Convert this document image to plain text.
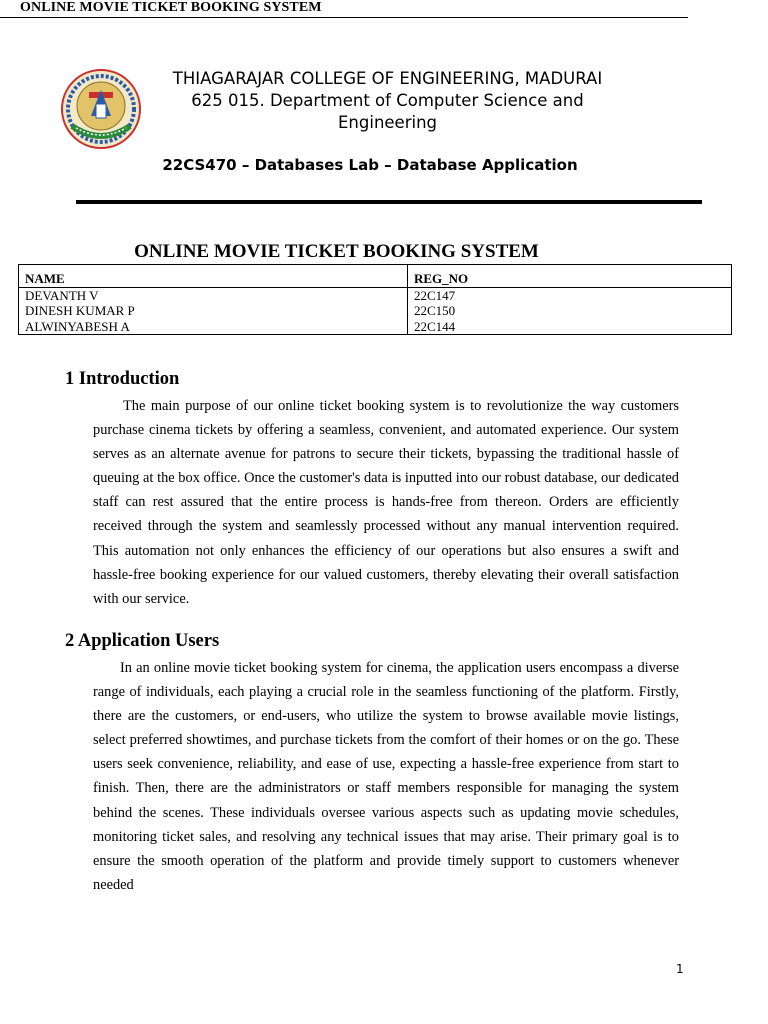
ONLINE MOVIE TICKET BOOKING SYSTEM
THIAGARAJAR COLLEGE OF ENGINEERING, MADURAI
625 015. Department of Computer Science and
Engineering
22CS470 – Databases Lab – Database Application
ONLINE MOVIE TICKET BOOKING SYSTEM
NAME	REG_NO
DEVANTH V	22C147
DINESH KUMAR P	22C150
ALWINYABESH A	22C144
1 Introduction

The main purpose of our online ticket booking system is to revolutionize the way customers purchase cinema tickets by offering a seamless, convenient, and automated experience. Our system serves as an alternate avenue for patrons to secure their tickets, bypassing the traditional hassle of queuing at the box office. Once the customer's data is inputted into our robust database, our dedicated staff can rest assured that the entire process is hands-free from thereon. Orders are efficiently received through the system and seamlessly processed without any manual intervention required. This automation not only enhances the efficiency of our operations but also ensures a swift and hassle-free booking experience for our valued customers, thereby elevating their overall satisfaction with our service.

2 Application Users

In an online movie ticket booking system for cinema, the application users encompass a diverse range of individuals, each playing a crucial role in the seamless functioning of the platform. Firstly, there are the customers, or end-users, who utilize the system to browse available movie listings, select preferred showtimes, and purchase tickets from the comfort of their homes or on the go. These users seek convenience, reliability, and ease of use, expecting a hassle-free experience from start to finish. Then, there are the administrators or staff members responsible for managing the system behind the scenes. These individuals oversee various aspects such as updating movie schedules, monitoring ticket sales, and resolving any technical issues that may arise. Their primary goal is to ensure the smooth operation of the platform and provide timely support to customers whenever needed

1
